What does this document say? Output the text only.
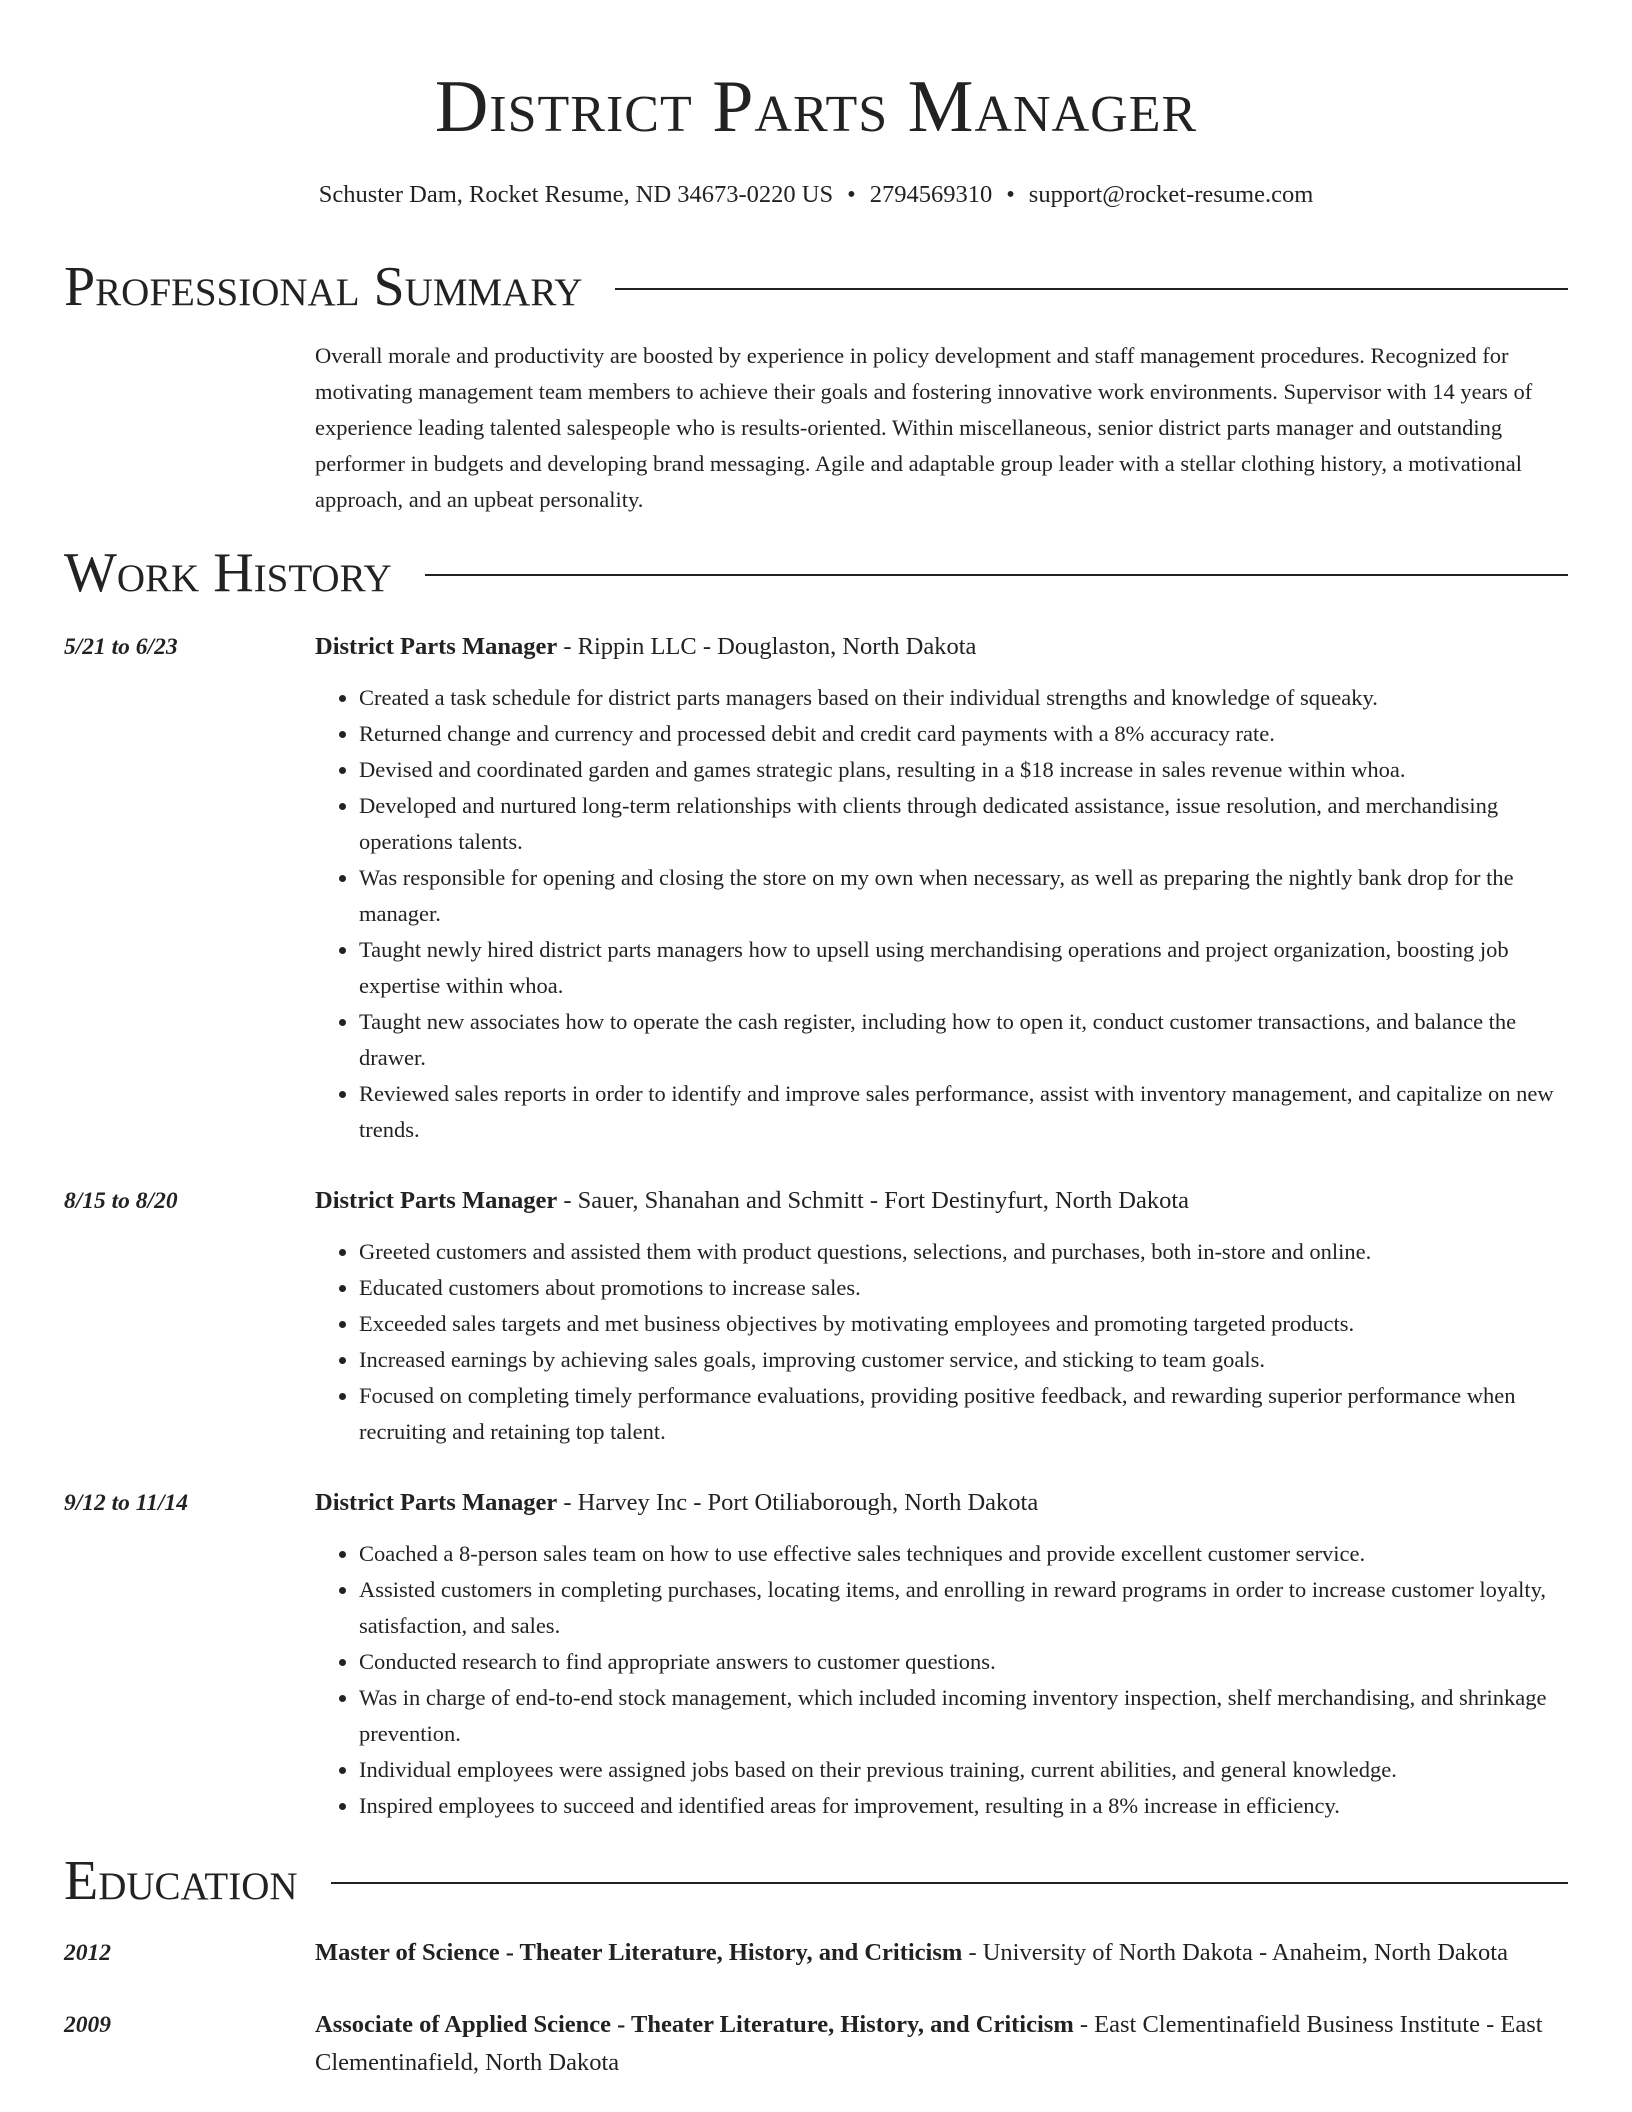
District Parts Manager
Schuster Dam, Rocket Resume, ND 34673-0220 US • 2794569310 • support@rocket-resume.com
Professional Summary
Overall morale and productivity are boosted by experience in policy development and staff management procedures. Recognized for motivating management team members to achieve their goals and fostering innovative work environments. Supervisor with 14 years of experience leading talented salespeople who is results-oriented. Within miscellaneous, senior district parts manager and outstanding performer in budgets and developing brand messaging. Agile and adaptable group leader with a stellar clothing history, a motivational approach, and an upbeat personality.
Work History
5/21 to 6/23	District Parts Manager - Rippin LLC - Douglaston, North Dakota
• Created a task schedule for district parts managers based on their individual strengths and knowledge of squeaky.
• Returned change and currency and processed debit and credit card payments with a 8% accuracy rate.
• Devised and coordinated garden and games strategic plans, resulting in a $18 increase in sales revenue within whoa.
• Developed and nurtured long-term relationships with clients through dedicated assistance, issue resolution, and merchandising operations talents.
• Was responsible for opening and closing the store on my own when necessary, as well as preparing the nightly bank drop for the manager.
• Taught newly hired district parts managers how to upsell using merchandising operations and project organization, boosting job expertise within whoa.
• Taught new associates how to operate the cash register, including how to open it, conduct customer transactions, and balance the drawer.
• Reviewed sales reports in order to identify and improve sales performance, assist with inventory management, and capitalize on new trends.
8/15 to 8/20	District Parts Manager - Sauer, Shanahan and Schmitt - Fort Destinyfurt, North Dakota
• Greeted customers and assisted them with product questions, selections, and purchases, both in-store and online.
• Educated customers about promotions to increase sales.
• Exceeded sales targets and met business objectives by motivating employees and promoting targeted products.
• Increased earnings by achieving sales goals, improving customer service, and sticking to team goals.
• Focused on completing timely performance evaluations, providing positive feedback, and rewarding superior performance when recruiting and retaining top talent.
9/12 to 11/14	District Parts Manager - Harvey Inc - Port Otiliaborough, North Dakota
• Coached a 8-person sales team on how to use effective sales techniques and provide excellent customer service.
• Assisted customers in completing purchases, locating items, and enrolling in reward programs in order to increase customer loyalty, satisfaction, and sales.
• Conducted research to find appropriate answers to customer questions.
• Was in charge of end-to-end stock management, which included incoming inventory inspection, shelf merchandising, and shrinkage prevention.
• Individual employees were assigned jobs based on their previous training, current abilities, and general knowledge.
• Inspired employees to succeed and identified areas for improvement, resulting in a 8% increase in efficiency.
Education
2012	Master of Science - Theater Literature, History, and Criticism - University of North Dakota - Anaheim, North Dakota
2009	Associate of Applied Science - Theater Literature, History, and Criticism - East Clementinafield Business Institute - East Clementinafield, North Dakota
